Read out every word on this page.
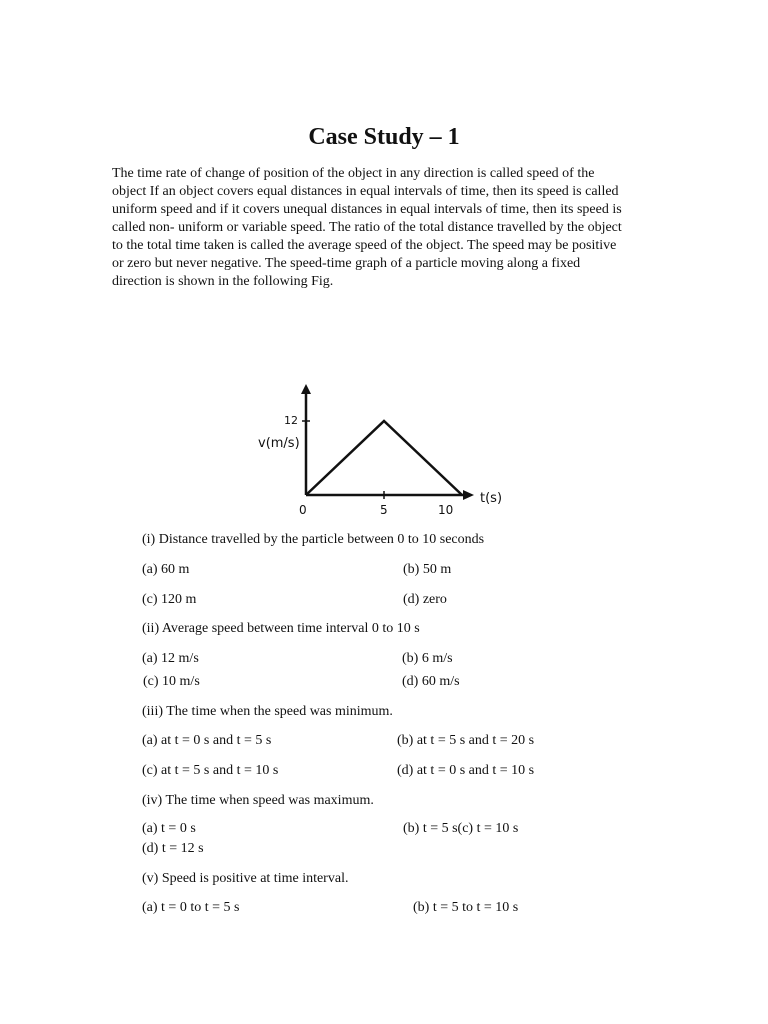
Case Study – 1

The time rate of change of position of the object in any direction is called speed of the object If an object covers equal distances in equal intervals of time, then its speed is called uniform speed and if it covers unequal distances in equal intervals of time, then its speed is called non- uniform or variable speed. The ratio of the total distance travelled by the object to the total time taken is called the average speed of the object. The speed may be positive or zero but never negative. The speed-time graph of a particle moving along a fixed direction is shown in the following Fig.

12
v(m/s)
0	5	10
t(s)
(i) Distance travelled by the particle between 0 to 10 seconds
(a) 60 m	(b) 50 m
(c) 120 m	(d) zero
(ii) Average speed between time interval 0 to 10 s
(a) 12 m/s	(b) 6 m/s
(c) 10 m/s	(d) 60 m/s
(iii) The time when the speed was minimum.
(a) at t = 0 s and t = 5 s	(b) at t = 5 s and t = 20 s
(c) at t = 5 s and t = 10 s	(d) at t = 0 s and t = 10 s
(iv) The time when speed was maximum.
(a) t = 0 s	(b) t = 5 s(c) t = 10 s
(d) t = 12 s
(v) Speed is positive at time interval.
(a) t = 0 to t = 5 s	(b) t = 5 to t = 10 s
